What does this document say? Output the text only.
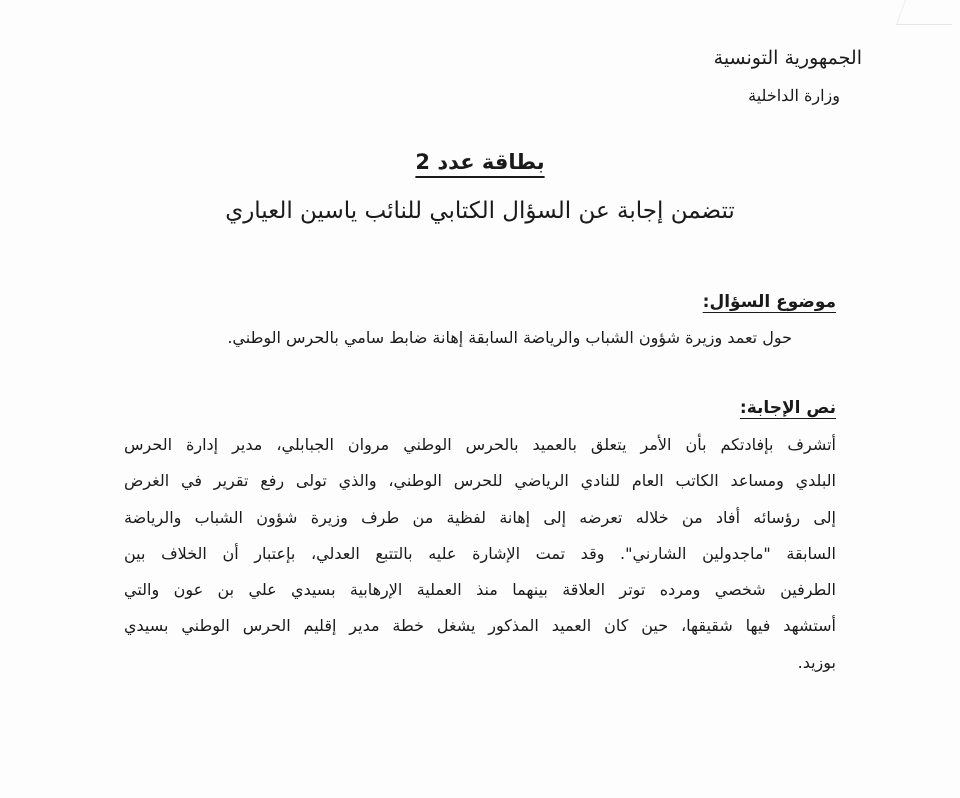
الجمهورية التونسية
وزارة الداخلية
بطاقة عدد 2
تتضمن إجابة عن السؤال الكتابي للنائب ياسين العياري
موضوع السؤال:
حول تعمد وزيرة شؤون الشباب والرياضة السابقة إهانة ضابط سامي بالحرس الوطني.
نص الإجابة:
أتشرف بإفادتكم بأن الأمر يتعلق بالعميد بالحرس الوطني مروان الجبابلي، مدير إدارة الحرس
البلدي ومساعد الكاتب العام للنادي الرياضي للحرس الوطني، والذي تولى رفع تقرير في الغرض
إلى رؤسائه أفاد من خلاله تعرضه إلى إهانة لفظية من طرف وزيرة شؤون الشباب والرياضة
السابقة "ماجدولين الشارني". وقد تمت الإشارة عليه بالتتبع العدلي، بإعتبار أن الخلاف بين
الطرفين شخصي ومرده توتر العلاقة بينهما منذ العملية الإرهابية بسيدي علي بن عون والتي
أستشهد فيها شقيقها، حين كان العميد المذكور يشغل خطة مدير إقليم الحرس الوطني بسيدي
بوزيد.
